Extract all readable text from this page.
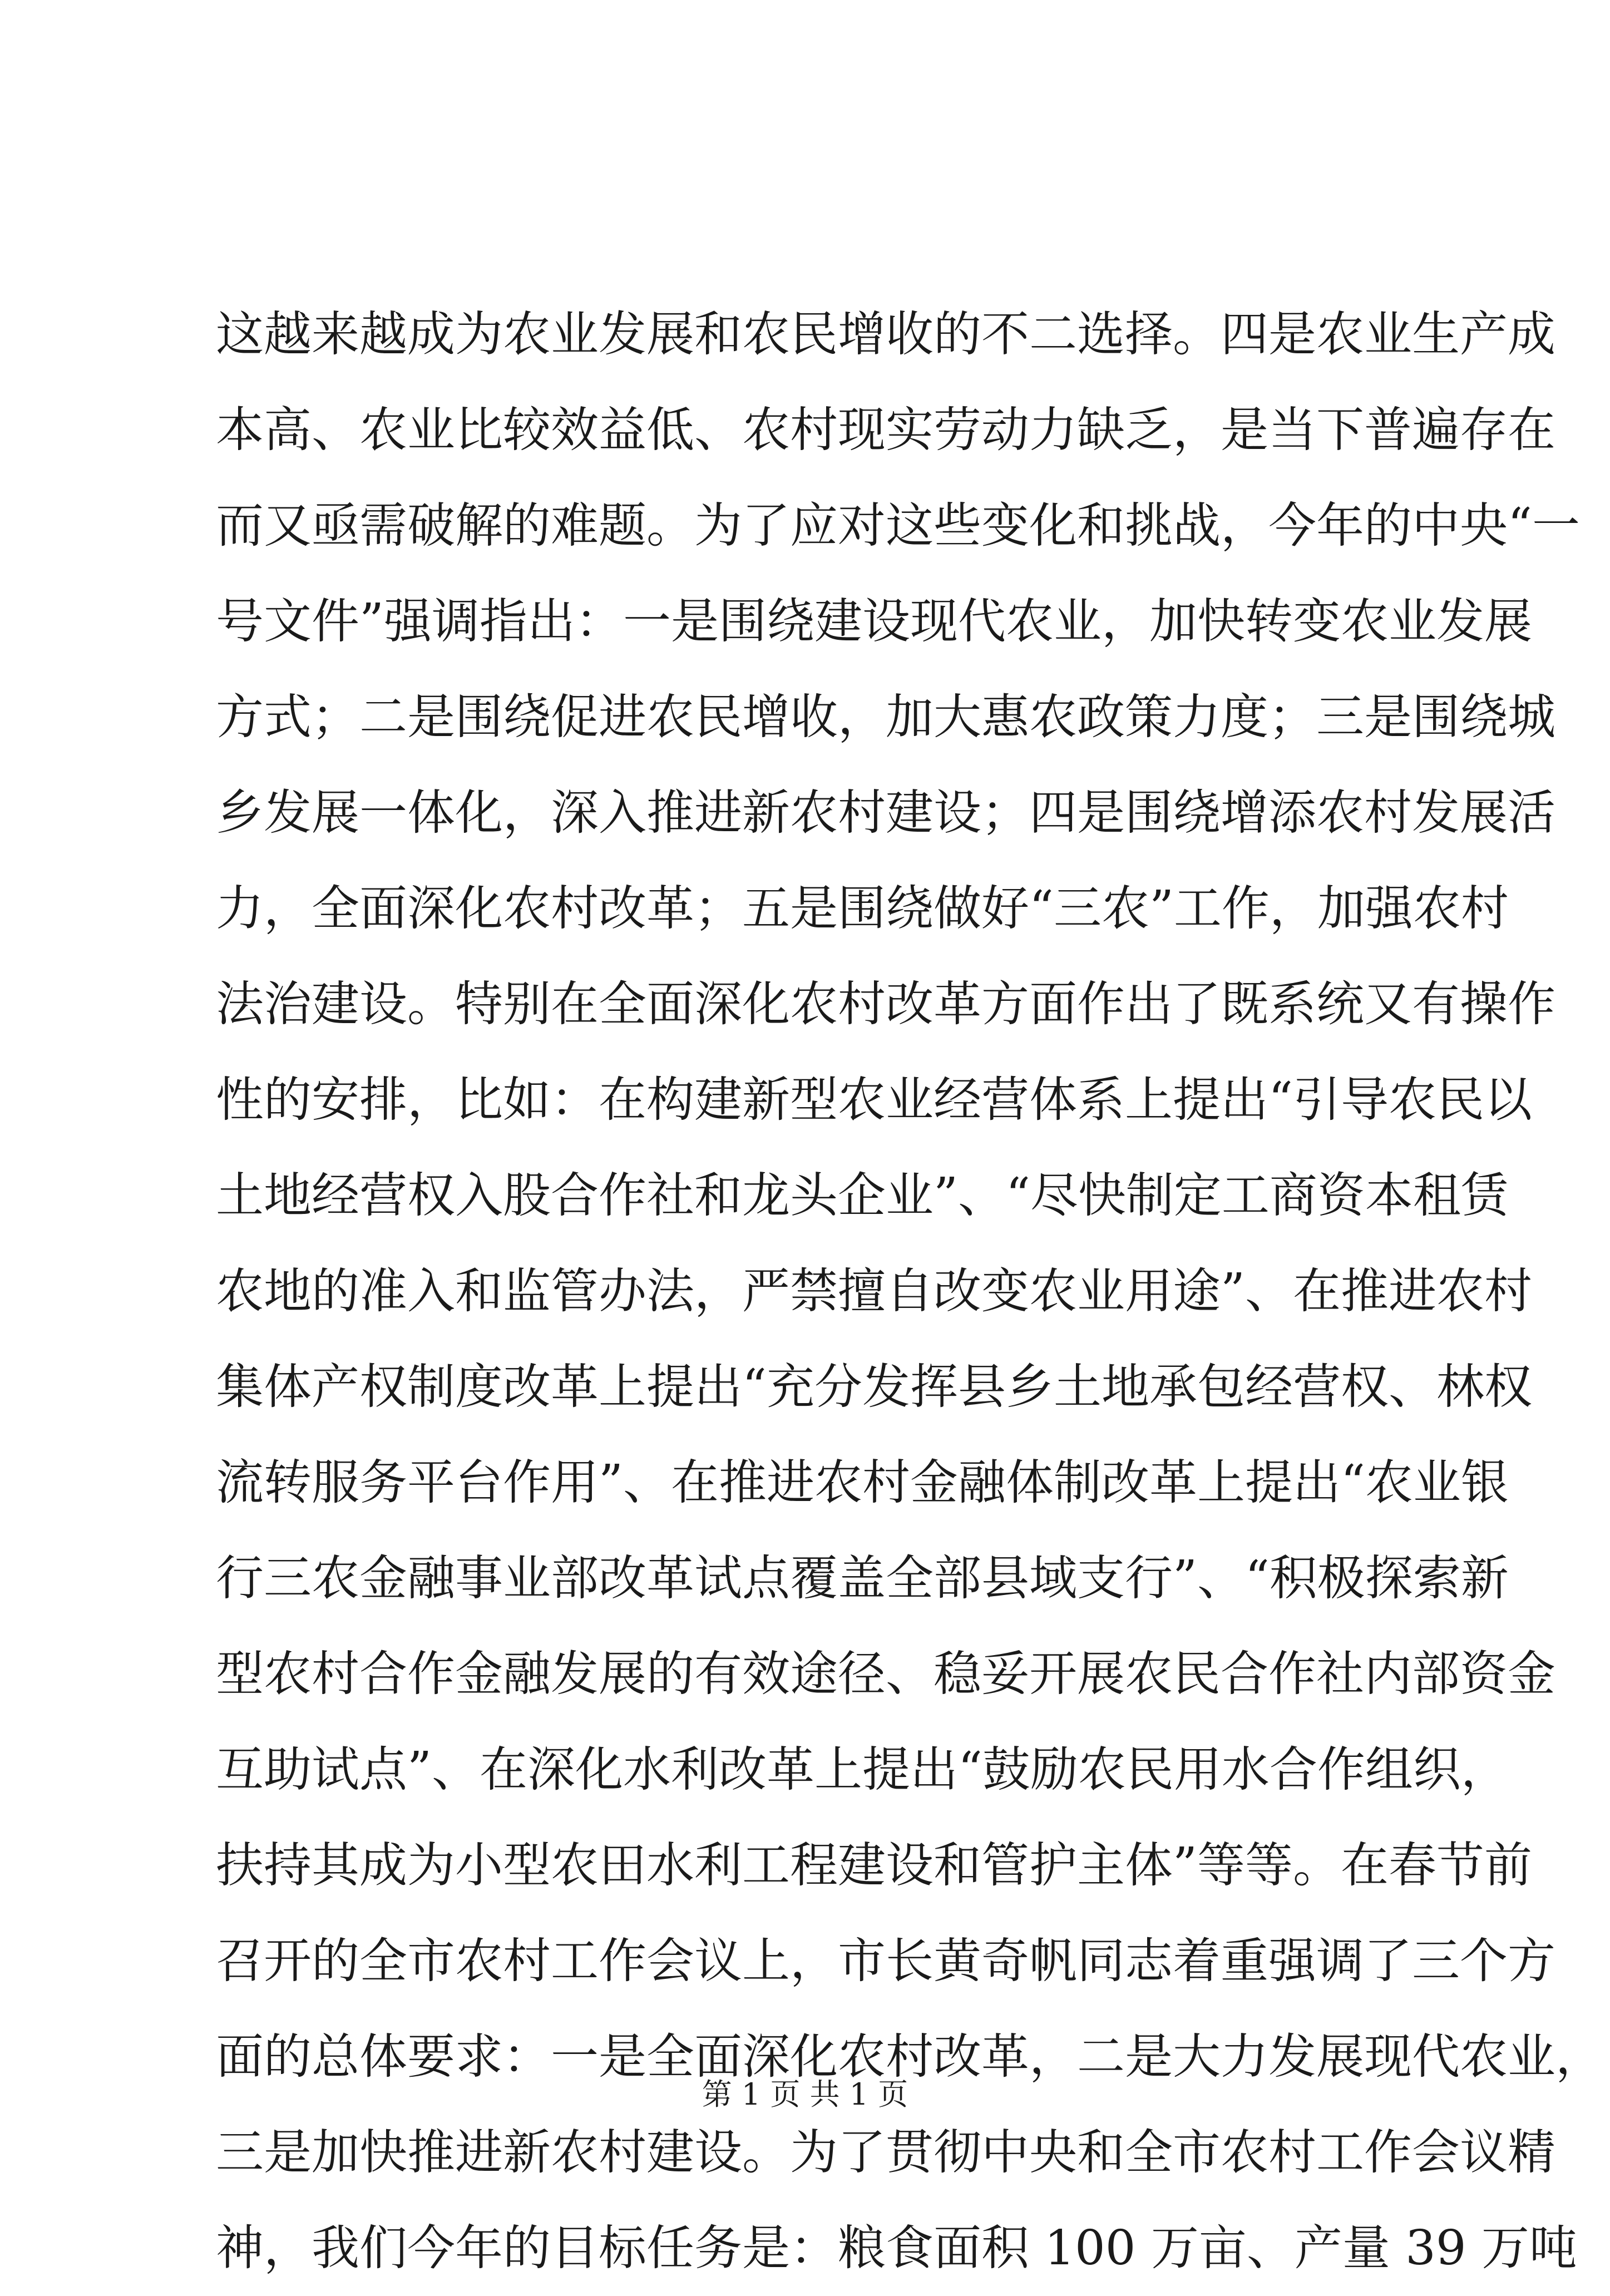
这越来越成为农业发展和农民增收的不二选择。四是农业生产成
本高、农业比较效益低、农村现实劳动力缺乏，是当下普遍存在
而又亟需破解的难题。为了应对这些变化和挑战，今年的中央“一
号文件”强调指出：一是围绕建设现代农业，加快转变农业发展
方式；二是围绕促进农民增收，加大惠农政策力度；三是围绕城
乡发展一体化，深入推进新农村建设；四是围绕增添农村发展活
力，全面深化农村改革；五是围绕做好“三农”工作，加强农村
法治建设。特别在全面深化农村改革方面作出了既系统又有操作
性的安排，比如：在构建新型农业经营体系上提出“引导农民以
土地经营权入股合作社和龙头企业”、“尽快制定工商资本租赁
农地的准入和监管办法，严禁擅自改变农业用途”、在推进农村
集体产权制度改革上提出“充分发挥县乡土地承包经营权、林权
流转服务平台作用”、在推进农村金融体制改革上提出“农业银
行三农金融事业部改革试点覆盖全部县域支行”、“积极探索新
型农村合作金融发展的有效途径、稳妥开展农民合作社内部资金
互助试点”、在深化水利改革上提出“鼓励农民用水合作组织，
扶持其成为小型农田水利工程建设和管护主体”等等。在春节前
召开的全市农村工作会议上，市长黄奇帆同志着重强调了三个方
面的总体要求：一是全面深化农村改革，二是大力发展现代农业，
三是加快推进新农村建设。为了贯彻中央和全市农村工作会议精
神，我们今年的目标任务是：粮食面积 100 万亩、产量 39 万吨
第 1 页 共 1 页
